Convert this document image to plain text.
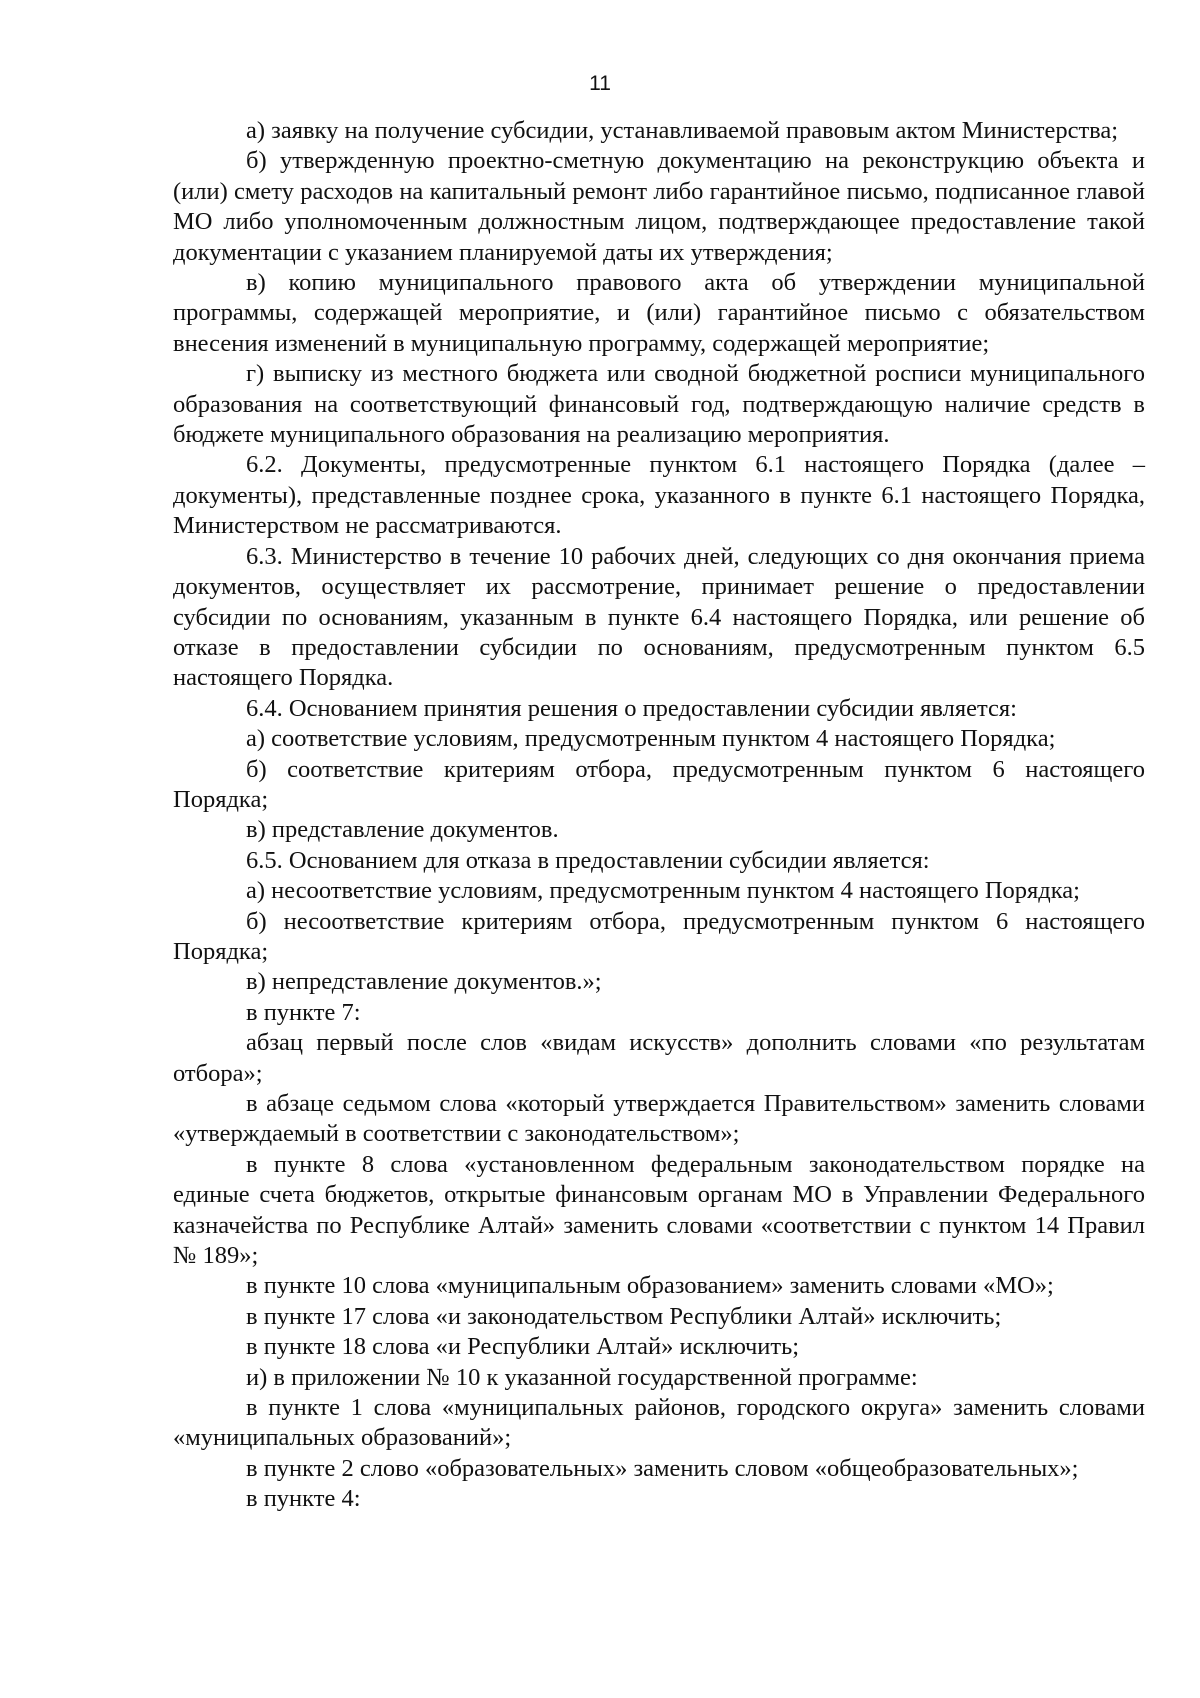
11

а) заявку на получение субсидии, устанавливаемой правовым актом Министерства;

б) утвержденную проектно-сметную документацию на реконструкцию объекта и (или) смету расходов на капитальный ремонт либо гарантийное письмо, подписанное главой МО либо уполномоченным должностным лицом, подтверждающее предоставление такой документации с указанием планируемой даты их утверждения;

в) копию муниципального правового акта об утверждении муниципальной программы, содержащей мероприятие, и (или) гарантийное письмо с обязательством внесения изменений в муниципальную программу, содержащей мероприятие;

г) выписку из местного бюджета или сводной бюджетной росписи муниципального образования на соответствующий финансовый год, подтверждающую наличие средств в бюджете муниципального образования на реализацию мероприятия.

6.2. Документы, предусмотренные пунктом 6.1 настоящего Порядка (далее – документы), представленные позднее срока, указанного в пункте 6.1 настоящего Порядка, Министерством не рассматриваются.

6.3. Министерство в течение 10 рабочих дней, следующих со дня окончания приема документов, осуществляет их рассмотрение, принимает решение о предоставлении субсидии по основаниям, указанным в пункте 6.4 настоящего Порядка, или решение об отказе в предоставлении субсидии по основаниям, предусмотренным пунктом 6.5 настоящего Порядка.

6.4. Основанием принятия решения о предоставлении субсидии является:

а) соответствие условиям, предусмотренным пунктом 4 настоящего Порядка;

б) соответствие критериям отбора, предусмотренным пунктом 6 настоящего Порядка;

в) представление документов.

6.5. Основанием для отказа в предоставлении субсидии является:

а) несоответствие условиям, предусмотренным пунктом 4 настоящего Порядка;

б) несоответствие критериям отбора, предусмотренным пунктом 6 настоящего Порядка;

в) непредставление документов.»;

в пункте 7:

абзац первый после слов «видам искусств» дополнить словами «по результатам отбора»;

в абзаце седьмом слова «который утверждается Правительством» заменить словами «утверждаемый в соответствии с законодательством»;

в пункте 8 слова «установленном федеральным законодательством порядке на единые счета бюджетов, открытые финансовым органам МО в Управлении Федерального казначейства по Республике Алтай» заменить словами «соответствии с пунктом 14 Правил № 189»;

в пункте 10 слова «муниципальным образованием» заменить словами «МО»;

в пункте 17 слова «и законодательством Республики Алтай» исключить;

в пункте 18 слова «и Республики Алтай» исключить;

и) в приложении № 10 к указанной государственной программе:

в пункте 1 слова «муниципальных районов, городского округа» заменить словами «муниципальных образований»;

в пункте 2 слово «образовательных» заменить словом «общеобразовательных»;

в пункте 4:
